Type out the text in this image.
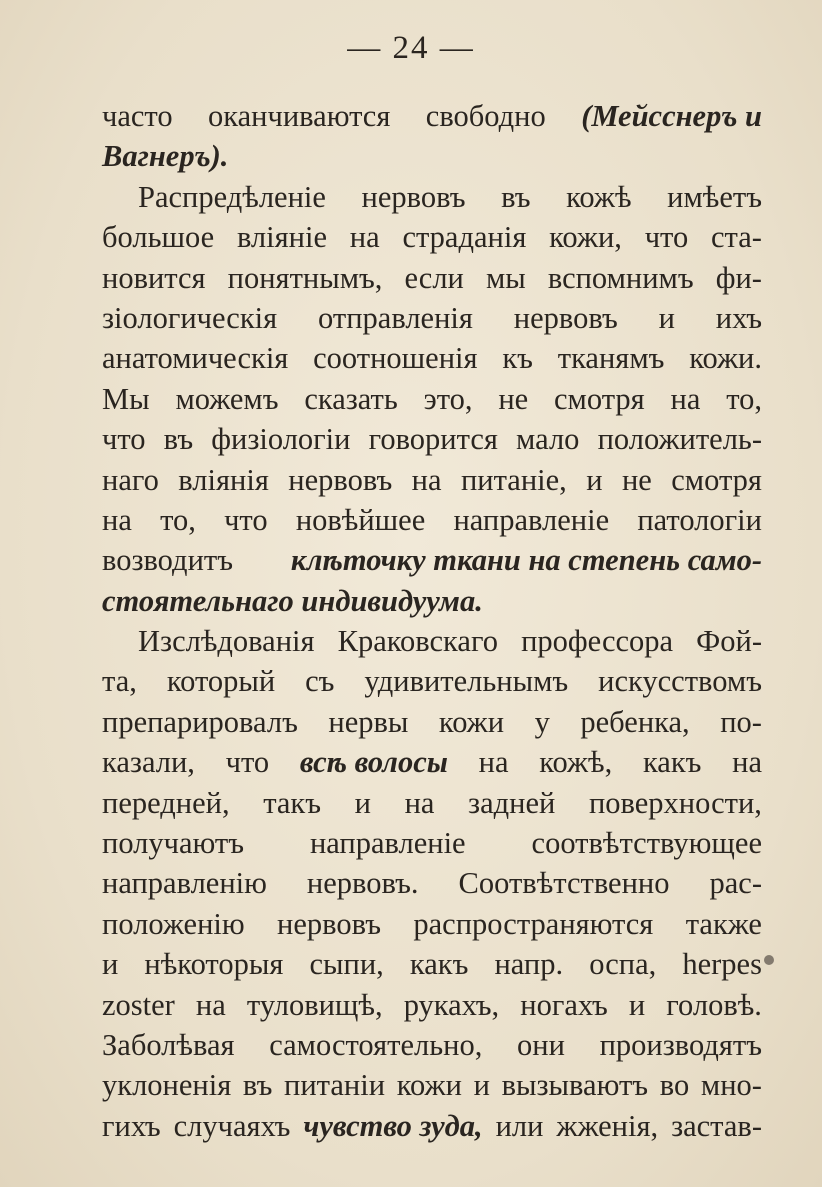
— 24 —
часто оканчиваются свободно (Мейсснеръ и
Вагнеръ).
Распредѣленіе нервовъ въ кожѣ имѣетъ
большое вліяніе на страданія кожи, что ста-
новится понятнымъ, если мы вспомнимъ фи-
зіологическія отправленія нервовъ и ихъ
анатомическія соотношенія къ тканямъ кожи.
Мы можемъ сказать это, не смотря на то,
что въ физіологіи говорится мало положитель-
наго вліянія нервовъ на питаніе, и не смотря
на то, что новѣйшее направленіе патологіи
возводитъ клѣточку ткани на степень само-
стоятельнаго индивидуума.
Изслѣдованія Краковскаго профессора Фой-
та, который съ удивительнымъ искусствомъ
препарировалъ нервы кожи у ребенка, по-
казали, что всѣ волосы на кожѣ, какъ на
передней, такъ и на задней поверхности,
получаютъ направленіе соотвѣтствующее
направленію нервовъ. Соотвѣтственно рас-
положенію нервовъ распространяются также
и нѣкоторыя сыпи, какъ напр. оспа, herpes
zoster на туловищѣ, рукахъ, ногахъ и головѣ.
Заболѣвая самостоятельно, они производятъ
уклоненія въ питаніи кожи и вызываютъ во мно-
гихъ случаяхъ чувство зуда, или жженія, застав-
